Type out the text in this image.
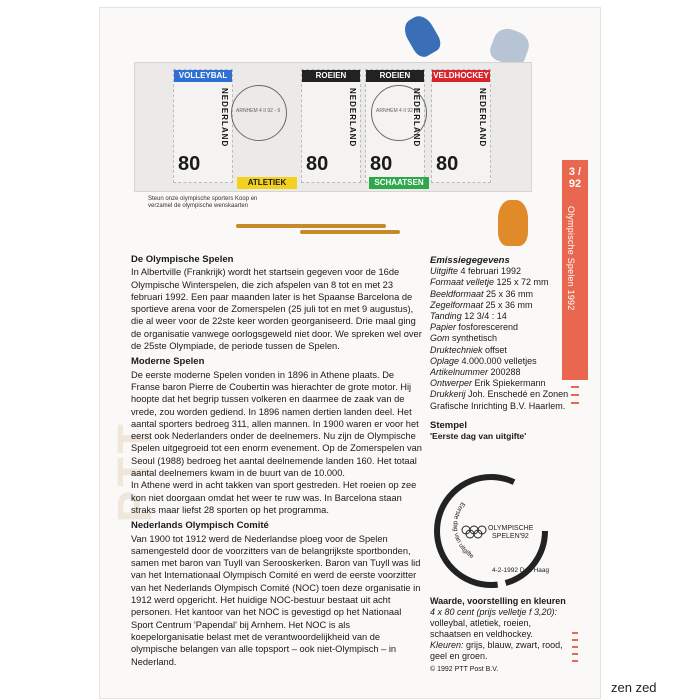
VOLLEYBAL
NEDERLAND
80
ROEIEN
NEDERLAND
80
ROEIEN
NEDERLAND
80
VELDHOCKEY
NEDERLAND
80
ATLETIEK	SCHAATSEN
ARNHEM 4 II 92 - 9	ARNHEM 4 II 92 - 9
Steun onze olympische sporters Koop en verzamel de olympische wenskaarten
PTT
De Olympische Spelen

In Albertville (Frankrijk) wordt het startsein gegeven voor de 16de Olympische Winterspelen, die zich afspelen van 8 tot en met 23 februari 1992. Een paar maanden later is het Spaanse Barcelona de sportieve arena voor de Zomerspelen (25 juli tot en met 9 augustus), die al weer voor de 22ste keer worden georganiseerd. Drie maal ging de organisatie vanwege oorlogsgeweld niet door. We spreken wel over de 25ste Olympiade, de periode tussen de Spelen.

Moderne Spelen

De eerste moderne Spelen vonden in 1896 in Athene plaats. De Franse baron Pierre de Coubertin was hierachter de grote motor. Hij hoopte dat het begrip tussen volkeren en daarmee de zaak van de vrede, zou worden gediend. In 1896 namen dertien landen deel. Het aantal sporters bedroeg 311, allen mannen. In 1900 waren er voor het eerst ook Nederlanders onder de deelnemers. Nu zijn de Olympische Spelen uitgegroeid tot een enorm evenement. Op de Zomerspelen van Seoul (1988) bedroeg het aantal deelnemende landen 160. Het totaal aantal deelnemers kwam in de buurt van de 10.000.

In Athene werd in acht takken van sport gestreden. Het roeien op zee kon niet doorgaan omdat het weer te ruw was. In Barcelona staan straks maar liefst 28 sporten op het programma.

Nederlands Olympisch Comité

Van 1900 tot 1912 werd de Nederlandse ploeg voor de Spelen samengesteld door de voorzitters van de belangrijkste sportbonden, samen met baron van Tuyll van Serooskerken. Baron van Tuyll was lid van het Internationaal Olympisch Comité en werd de eerste voorzitter van het Nederlands Olympisch Comité (NOC) toen deze organisatie in 1912 werd opgericht. Het huidige NOC-bestuur bestaat uit acht personen. Het kantoor van het NOC is gevestigd op het Nationaal Sport Centrum 'Papendal' bij Arnhem. Het NOC is als koepelorganisatie belast met de verantwoordelijkheid van de olympische belangen van alle topsport – ook niet-Olympisch – in Nederland.

Emissiegegevens
Uitgifte 4 februari 1992
Formaat velletje 125 x 72 mm
Beeldformaat 25 x 36 mm
Zegelformaat 25 x 36 mm
Tanding 12 3/4 : 14
Papier fosforescerend
Gom synthetisch
Druktechniek offset
Oplage 4.000.000 velletjes
Artikelnummer 200288
Ontwerper Erik Spiekermann
Drukkerij Joh. Enschedé en Zonen Grafische Inrichting B.V. Haarlem.
Stempel
'Eerste dag van uitgifte'
Eerste dag van uitgifte
OLYMPISCHE
SPELEN'92
4-2-1992 Den Haag
Waarde, voorstelling en kleuren
4 x 80 cent (prijs velletje f 3,20):
volleybal, atletiek, roeien, schaatsen en veldhockey.
Kleuren: grijs, blauw, zwart, rood, geel en groen.
© 1992 PTT Post B.V.
3 / 92
Olympische Spelen 1992
zen zed
